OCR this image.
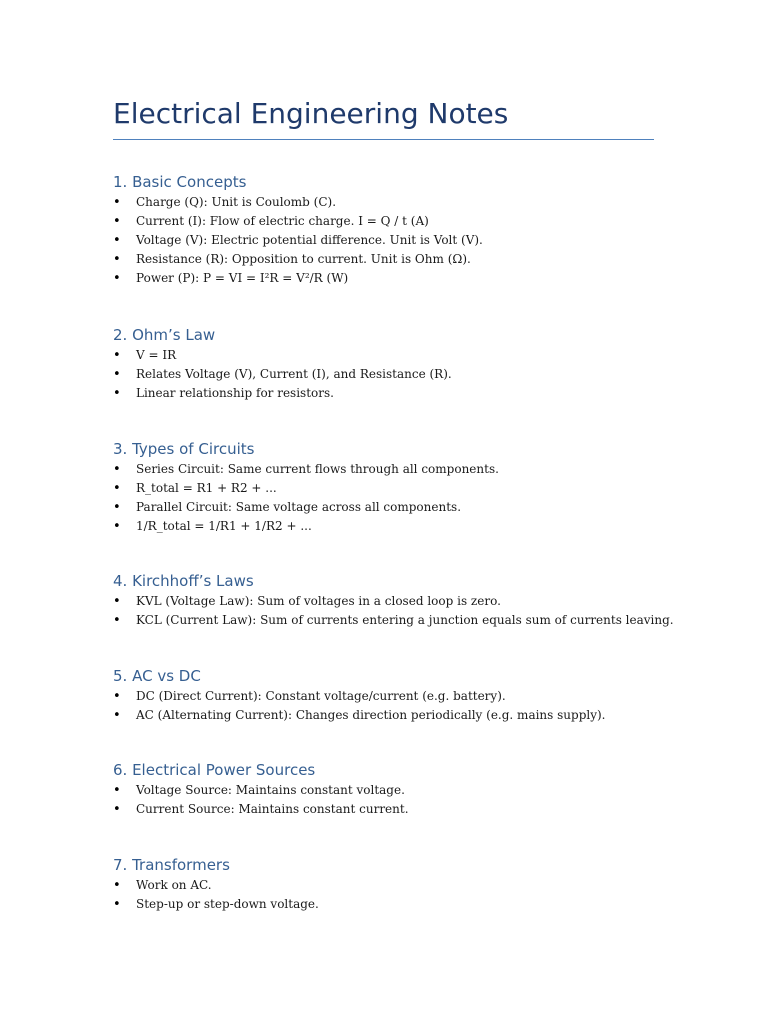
Electrical Engineering Notes
1. Basic Concepts
• Charge (Q): Unit is Coulomb (C).
• Current (I): Flow of electric charge. I = Q / t (A)
• Voltage (V): Electric potential difference. Unit is Volt (V).
• Resistance (R): Opposition to current. Unit is Ohm (Ω).
• Power (P): P = VI = I²R = V²/R (W)
2. Ohm’s Law
• V = IR
• Relates Voltage (V), Current (I), and Resistance (R).
• Linear relationship for resistors.
3. Types of Circuits
• Series Circuit: Same current flows through all components.
• R_total = R1 + R2 + ...
• Parallel Circuit: Same voltage across all components.
• 1/R_total = 1/R1 + 1/R2 + ...
4. Kirchhoff’s Laws
• KVL (Voltage Law): Sum of voltages in a closed loop is zero.
• KCL (Current Law): Sum of currents entering a junction equals sum of currents leaving.
5. AC vs DC
• DC (Direct Current): Constant voltage/current (e.g. battery).
• AC (Alternating Current): Changes direction periodically (e.g. mains supply).
6. Electrical Power Sources
• Voltage Source: Maintains constant voltage.
• Current Source: Maintains constant current.
7. Transformers
• Work on AC.
• Step-up or step-down voltage.
